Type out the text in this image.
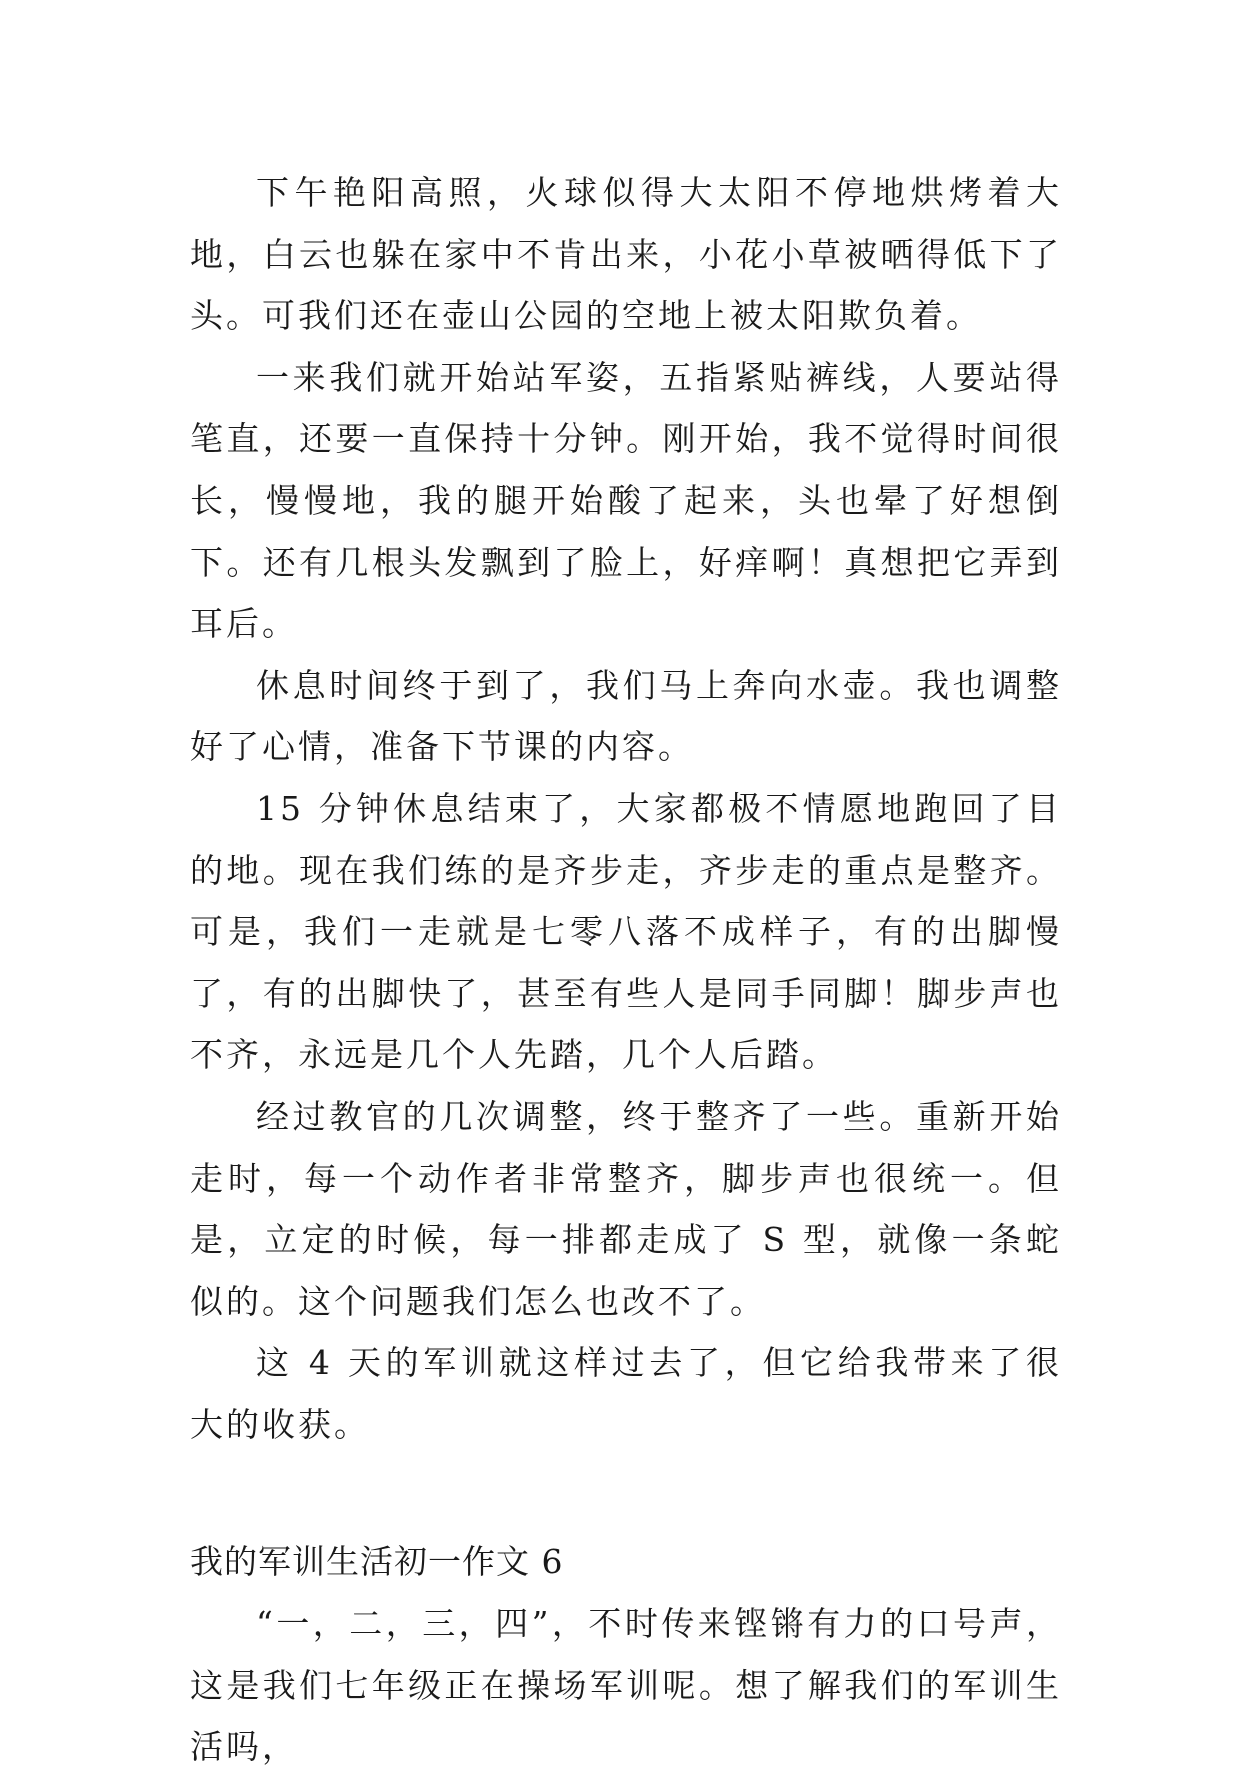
下午艳阳高照，火球似得大太阳不停地烘烤着大地，白云也躲在家中不肯出来，小花小草被晒得低下了头。可我们还在壶山公园的空地上被太阳欺负着。

一来我们就开始站军姿，五指紧贴裤线，人要站得笔直，还要一直保持十分钟。刚开始，我不觉得时间很长，慢慢地，我的腿开始酸了起来，头也晕了好想倒下。还有几根头发飘到了脸上，好痒啊！真想把它弄到耳后。

休息时间终于到了，我们马上奔向水壶。我也调整好了心情，准备下节课的内容。

15 分钟休息结束了，大家都极不情愿地跑回了目的地。现在我们练的是齐步走，齐步走的重点是整齐。可是，我们一走就是七零八落不成样子，有的出脚慢了，有的出脚快了，甚至有些人是同手同脚！脚步声也不齐，永远是几个人先踏，几个人后踏。

经过教官的几次调整，终于整齐了一些。重新开始走时，每一个动作者非常整齐，脚步声也很统一。但是，立定的时候，每一排都走成了 S 型，就像一条蛇似的。这个问题我们怎么也改不了。

这 4 天的军训就这样过去了，但它给我带来了很大的收获。

我的军训生活初一作文 6

“一，二，三，四”，不时传来铿锵有力的口号声，这是我们七年级正在操场军训呢。想了解我们的军训生活吗，
